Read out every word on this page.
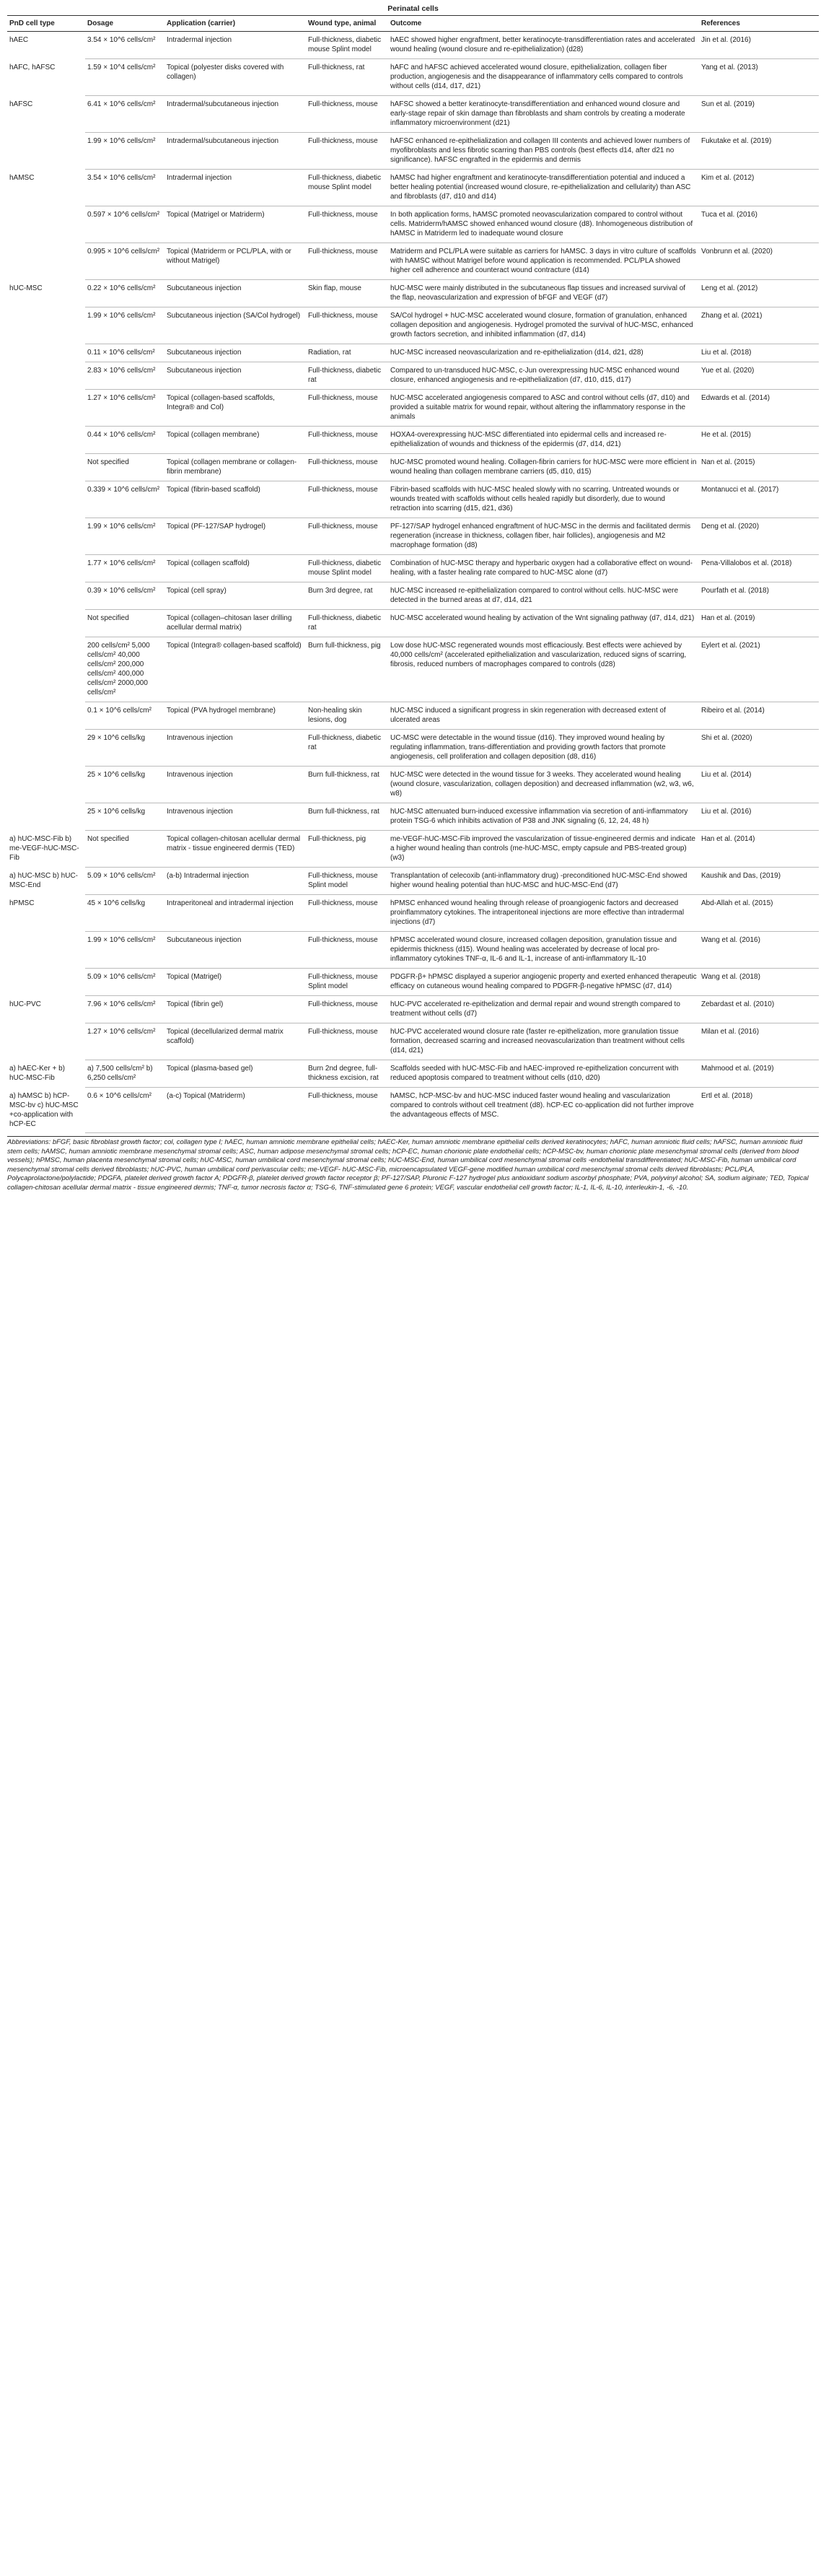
Perinatal cells
PnD cell type	Dosage	Application (carrier)	Wound type, animal	Outcome	References
hAEC	3.54 × 10^6 cells/cm²	Intradermal injection	Full-thickness, diabetic mouse Splint model	hAEC showed higher engraftment, better keratinocyte-transdifferentiation rates and accelerated wound healing (wound closure and re-epithelialization) (d28)	Jin et al. (2016)
hAFC, hAFSC	1.59 × 10^4 cells/cm²	Topical (polyester disks covered with collagen)	Full-thickness, rat	hAFC and hAFSC achieved accelerated wound closure, epithelialization, collagen fiber production, angiogenesis and the disappearance of inflammatory cells compared to controls without cells (d14, d17, d21)	Yang et al. (2013)
hAFSC	6.41 × 10^6 cells/cm²	Intradermal/subcutaneous injection	Full-thickness, mouse	hAFSC showed a better keratinocyte-transdifferentiation and enhanced wound closure and early-stage repair of skin damage than fibroblasts and sham controls by creating a moderate inflammatory microenvironment (d21)	Sun et al. (2019)
	1.99 × 10^6 cells/cm²	Intradermal/subcutaneous injection	Full-thickness, mouse	hAFSC enhanced re-epithelialization and collagen III contents and achieved lower numbers of myofibroblasts and less fibrotic scarring than PBS controls (best effects d14, after d21 no significance). hAFSC engrafted in the epidermis and dermis	Fukutake et al. (2019)
hAMSC	3.54 × 10^6 cells/cm²	Intradermal injection	Full-thickness, diabetic mouse Splint model	hAMSC had higher engraftment and keratinocyte-transdifferentiation potential and induced a better healing potential (increased wound closure, re-epithelialization and cellularity) than ASC and fibroblasts (d7, d10 and d14)	Kim et al. (2012)
	0.597 × 10^6 cells/cm²	Topical (Matrigel or Matriderm)	Full-thickness, mouse	In both application forms, hAMSC promoted neovascularization compared to control without cells. Matriderm/hAMSC showed enhanced wound closure (d8). Inhomogeneous distribution of hAMSC in Matriderm led to inadequate wound closure	Tuca et al. (2016)
	0.995 × 10^6 cells/cm²	Topical (Matriderm or PCL/PLA, with or without Matrigel)	Full-thickness, mouse	Matriderm and PCL/PLA were suitable as carriers for hAMSC. 3 days in vitro culture of scaffolds with hAMSC without Matrigel before wound application is recommended. PCL/PLA showed higher cell adherence and counteract wound contracture (d14)	Vonbrunn et al. (2020)
hUC-MSC	0.22 × 10^6 cells/cm²	Subcutaneous injection	Skin flap, mouse	hUC-MSC were mainly distributed in the subcutaneous flap tissues and increased survival of the flap, neovascularization and expression of bFGF and VEGF (d7)	Leng et al. (2012)
	1.99 × 10^6 cells/cm²	Subcutaneous injection (SA/Col hydrogel)	Full-thickness, mouse	SA/Col hydrogel + hUC-MSC accelerated wound closure, formation of granulation, enhanced collagen deposition and angiogenesis. Hydrogel promoted the survival of hUC-MSC, enhanced growth factors secretion, and inhibited inflammation (d7, d14)	Zhang et al. (2021)
	0.11 × 10^6 cells/cm²	Subcutaneous injection	Radiation, rat	hUC-MSC increased neovascularization and re-epithelialization (d14, d21, d28)	Liu et al. (2018)
	2.83 × 10^6 cells/cm²	Subcutaneous injection	Full-thickness, diabetic rat	Compared to un-transduced hUC-MSC, c-Jun overexpressing hUC-MSC enhanced wound closure, enhanced angiogenesis and re-epithelialization (d7, d10, d15, d17)	Yue et al. (2020)
	1.27 × 10^6 cells/cm²	Topical (collagen-based scaffolds, Integra® and Col)	Full-thickness, mouse	hUC-MSC accelerated angiogenesis compared to ASC and control without cells (d7, d10) and provided a suitable matrix for wound repair, without altering the inflammatory response in the animals	Edwards et al. (2014)
	0.44 × 10^6 cells/cm²	Topical (collagen membrane)	Full-thickness, mouse	HOXA4-overexpressing hUC-MSC differentiated into epidermal cells and increased re-epithelialization of wounds and thickness of the epidermis (d7, d14, d21)	He et al. (2015)
	Not specified	Topical (collagen membrane or collagen-fibrin membrane)	Full-thickness, mouse	hUC-MSC promoted wound healing. Collagen-fibrin carriers for hUC-MSC were more efficient in wound healing than collagen membrane carriers (d5, d10, d15)	Nan et al. (2015)
	0.339 × 10^6 cells/cm²	Topical (fibrin-based scaffold)	Full-thickness, mouse	Fibrin-based scaffolds with hUC-MSC healed slowly with no scarring. Untreated wounds or wounds treated with scaffolds without cells healed rapidly but disorderly, due to wound retraction into scarring (d15, d21, d36)	Montanucci et al. (2017)
	1.99 × 10^6 cells/cm²	Topical (PF-127/SAP hydrogel)	Full-thickness, mouse	PF-127/SAP hydrogel enhanced engraftment of hUC-MSC in the dermis and facilitated dermis regeneration (increase in thickness, collagen fiber, hair follicles), angiogenesis and M2 macrophage formation (d8)	Deng et al. (2020)
	1.77 × 10^6 cells/cm²	Topical (collagen scaffold)	Full-thickness, diabetic mouse Splint model	Combination of hUC-MSC therapy and hyperbaric oxygen had a collaborative effect on wound-healing, with a faster healing rate compared to hUC-MSC alone (d7)	Pena-Villalobos et al. (2018)
	0.39 × 10^6 cells/cm²	Topical (cell spray)	Burn 3rd degree, rat	hUC-MSC increased re-epithelialization compared to control without cells. hUC-MSC were detected in the burned areas at d7, d14, d21	Pourfath et al. (2018)
	Not specified	Topical (collagen–chitosan laser drilling acellular dermal matrix)	Full-thickness, diabetic rat	hUC-MSC accelerated wound healing by activation of the Wnt signaling pathway (d7, d14, d21)	Han et al. (2019)
	200 cells/cm² 5,000 cells/cm² 40,000 cells/cm² 200,000 cells/cm² 400,000 cells/cm² 2000,000 cells/cm²	Topical (Integra® collagen-based scaffold)	Burn full-thickness, pig	Low dose hUC-MSC regenerated wounds most efficaciously. Best effects were achieved by 40,000 cells/cm² (accelerated epithelialization and vascularization, reduced signs of scarring, fibrosis, reduced numbers of macrophages compared to controls (d28)	Eylert et al. (2021)
	0.1 × 10^6 cells/cm²	Topical (PVA hydrogel membrane)	Non-healing skin lesions, dog	hUC-MSC induced a significant progress in skin regeneration with decreased extent of ulcerated areas	Ribeiro et al. (2014)
	29 × 10^6 cells/kg	Intravenous injection	Full-thickness, diabetic rat	UC-MSC were detectable in the wound tissue (d16). They improved wound healing by regulating inflammation, trans-differentiation and providing growth factors that promote angiogenesis, cell proliferation and collagen deposition (d8, d16)	Shi et al. (2020)
	25 × 10^6 cells/kg	Intravenous injection	Burn full-thickness, rat	hUC-MSC were detected in the wound tissue for 3 weeks. They accelerated wound healing (wound closure, vascularization, collagen deposition) and decreased inflammation (w2, w3, w6, w8)	Liu et al. (2014)
	25 × 10^6 cells/kg	Intravenous injection	Burn full-thickness, rat	hUC-MSC attenuated burn-induced excessive inflammation via secretion of anti-inflammatory protein TSG-6 which inhibits activation of P38 and JNK signaling (6, 12, 24, 48 h)	Liu et al. (2016)
a) hUC-MSC-Fib b) me-VEGF-hUC-MSC-Fib	Not specified	Topical collagen-chitosan acellular dermal matrix - tissue engineered dermis (TED)	Full-thickness, pig	me-VEGF-hUC-MSC-Fib improved the vascularization of tissue-engineered dermis and indicate a higher wound healing than controls (me-hUC-MSC, empty capsule and PBS-treated group) (w3)	Han et al. (2014)
a) hUC-MSC b) hUC-MSC-End	5.09 × 10^6 cells/cm²	(a-b) Intradermal injection	Full-thickness, mouse Splint model	Transplantation of celecoxib (anti-inflammatory drug) -preconditioned hUC-MSC-End showed higher wound healing potential than hUC-MSC and hUC-MSC-End (d7)	Kaushik and Das, (2019)
hPMSC	45 × 10^6 cells/kg	Intraperitoneal and intradermal injection	Full-thickness, mouse	hPMSC enhanced wound healing through release of proangiogenic factors and decreased proinflammatory cytokines. The intraperitoneal injections are more effective than intradermal injections (d7)	Abd-Allah et al. (2015)
	1.99 × 10^6 cells/cm²	Subcutaneous injection	Full-thickness, mouse	hPMSC accelerated wound closure, increased collagen deposition, granulation tissue and epidermis thickness (d15). Wound healing was accelerated by decrease of local pro-inflammatory cytokines TNF-α, IL-6 and IL-1, increase of anti-inflammatory IL-10	Wang et al. (2016)
	5.09 × 10^6 cells/cm²	Topical (Matrigel)	Full-thickness, mouse Splint model	PDGFR-β+ hPMSC displayed a superior angiogenic property and exerted enhanced therapeutic efficacy on cutaneous wound healing compared to PDGFR-β-negative hPMSC (d7, d14)	Wang et al. (2018)
hUC-PVC	7.96 × 10^6 cells/cm²	Topical (fibrin gel)	Full-thickness, mouse	hUC-PVC accelerated re-epithelization and dermal repair and wound strength compared to treatment without cells (d7)	Zebardast et al. (2010)
	1.27 × 10^6 cells/cm²	Topical (decellularized dermal matrix scaffold)	Full-thickness, mouse	hUC-PVC accelerated wound closure rate (faster re-epithelization, more granulation tissue formation, decreased scarring and increased neovascularization than treatment without cells (d14, d21)	Milan et al. (2016)
a) hAEC-Ker + b) hUC-MSC-Fib	a) 7,500 cells/cm² b) 6,250 cells/cm²	Topical (plasma-based gel)	Burn 2nd degree, full-thickness excision, rat	Scaffolds seeded with hUC-MSC-Fib and hAEC-improved re-epithelization concurrent with reduced apoptosis compared to treatment without cells (d10, d20)	Mahmood et al. (2019)
a) hAMSC b) hCP-MSC-bv c) hUC-MSC +co-application with hCP-EC	0.6 × 10^6 cells/cm²	(a-c) Topical (Matriderm)	Full-thickness, mouse	hAMSC, hCP-MSC-bv and hUC-MSC induced faster wound healing and vascularization compared to controls without cell treatment (d8). hCP-EC co-application did not further improve the advantageous effects of MSC.	Ertl et al. (2018)
Abbreviations: bFGF, basic fibroblast growth factor; col, collagen type I; hAEC, human amniotic membrane epithelial cells; hAEC-Ker, human amniotic membrane epithelial cells derived keratinocytes; hAFC, human amniotic fluid cells; hAFSC, human amniotic fluid stem cells; hAMSC, human amniotic membrane mesenchymal stromal cells; ASC, human adipose mesenchymal stromal cells; hCP-EC, human chorionic plate endothelial cells; hCP-MSC-bv, human chorionic plate mesenchymal stromal cells (derived from blood vessels); hPMSC, human placenta mesenchymal stromal cells; hUC-MSC, human umbilical cord mesenchymal stromal cells; hUC-MSC-End, human umbilical cord mesenchymal stromal cells -endothelial transdifferentiated; hUC-MSC-Fib, human umbilical cord mesenchymal stromal cells derived fibroblasts; hUC-PVC, human umbilical cord perivascular cells; me-VEGF- hUC-MSC-Fib, microencapsulated VEGF-gene modified human umbilical cord mesenchymal stromal cells derived fibroblasts; PCL/PLA, Polycaprolactone/polylactide; PDGFA, platelet derived growth factor A; PDGFR-β, platelet derived growth factor receptor β; PF-127/SAP, Pluronic F-127 hydrogel plus antioxidant sodium ascorbyl phosphate; PVA, polyvinyl alcohol; SA, sodium alginate; TED, Topical collagen-chitosan acellular dermal matrix - tissue engineered dermis; TNF-α, tumor necrosis factor α; TSG-6, TNF-stimulated gene 6 protein; VEGF, vascular endothelial cell growth factor; IL-1, IL-6, IL-10, interleukin-1, -6, -10.
